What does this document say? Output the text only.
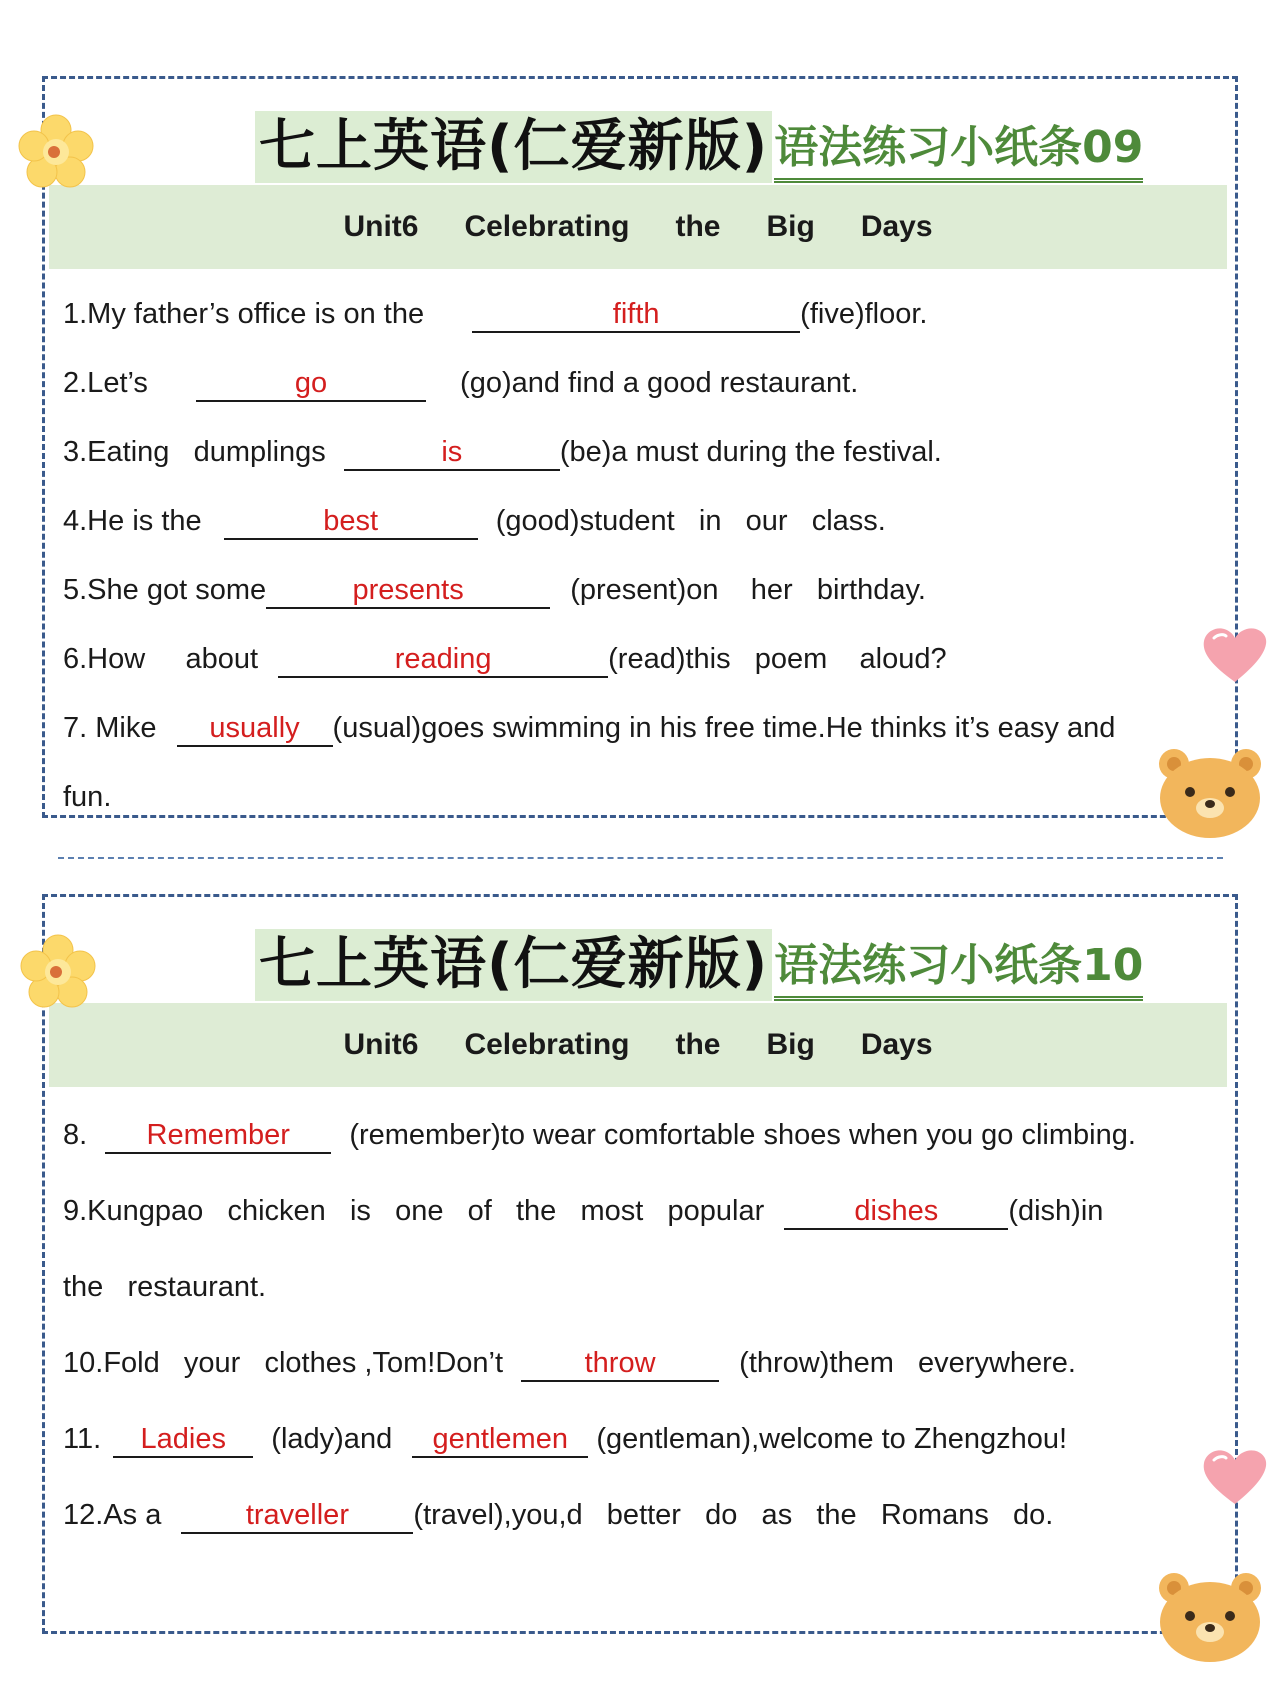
七上英语(仁爱新版) 语法练习小纸条09
Unit6 Celebrating the Big Days
1.My father’s office is on the	fifth	(five)floor.
2.Let’s	go	(go)and find a good restaurant.
3.Eating   dumplings	is	(be)a must during the festival.
4.He is the	best	(good)student   in   our   class.
5.She got some	presents	(present)on    her   birthday.
6.How     about	reading	(read)this   poem    aloud?
7. Mike usually (usual)goes swimming in his free time.He thinks it’s easy and
fun.
七上英语(仁爱新版) 语法练习小纸条10
Unit6 Celebrating the Big Days
8. Remember (remember)to wear comfortable shoes when you go climbing.
9.Kungpao   chicken   is   one   of   the   most   popular	dishes (dish)in
the   restaurant.
10.Fold   your   clothes ,Tom!Don’t	throw	(throw)them   everywhere.
11. Ladies (lady)and gentlemen (gentleman),welcome to Zhengzhou!
12.As a	traveller (travel),you,d   better   do   as   the   Romans   do.
